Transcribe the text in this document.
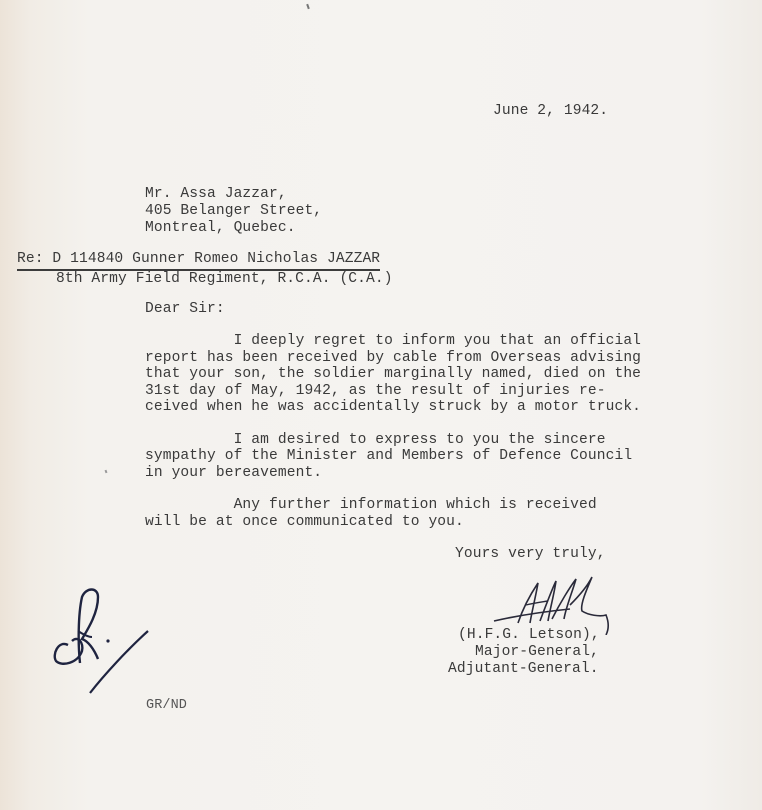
June 2, 1942.
Mr. Assa Jazzar,
405 Belanger Street,
Montreal, Quebec.
Re: D 114840 Gunner Romeo Nicholas JAZZAR
8th Army Field Regiment, R.C.A. (C.A.)
Dear Sir:
I deeply regret to inform you that an official
report has been received by cable from Overseas advising
that your son, the soldier marginally named, died on the
31st day of May, 1942, as the result of injuries re-
ceived when he was accidentally struck by a motor truck.
I am desired to express to you the sincere
sympathy of the Minister and Members of Defence Council
in your bereavement.
Any further information which is received
will be at once communicated to you.
Yours very truly,
(H.F.G. Letson),
Major-General,
Adjutant-General.
GR/ND
